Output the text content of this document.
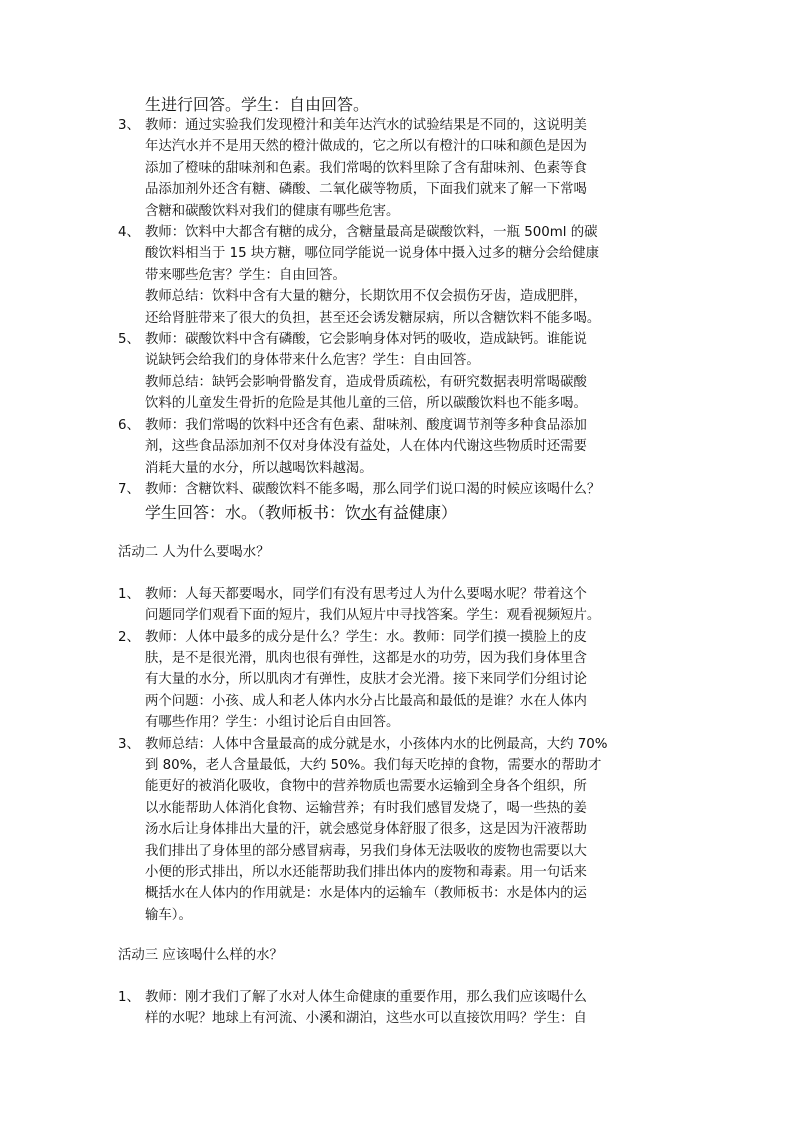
生进行回答。学生：自由回答。
3、 教师：通过实验我们发现橙汁和美年达汽水的试验结果是不同的，这说明美
年达汽水并不是用天然的橙汁做成的，它之所以有橙汁的口味和颜色是因为
添加了橙味的甜味剂和色素。我们常喝的饮料里除了含有甜味剂、色素等食
品添加剂外还含有糖、磷酸、二氧化碳等物质，下面我们就来了解一下常喝
含糖和碳酸饮料对我们的健康有哪些危害。
4、 教师：饮料中大都含有糖的成分，含糖量最高是碳酸饮料，一瓶 500ml 的碳
酸饮料相当于 15 块方糖，哪位同学能说一说身体中摄入过多的糖分会给健康
带来哪些危害？学生：自由回答。
教师总结：饮料中含有大量的糖分，长期饮用不仅会损伤牙齿，造成肥胖，
还给肾脏带来了很大的负担，甚至还会诱发糖尿病，所以含糖饮料不能多喝。
5、 教师：碳酸饮料中含有磷酸，它会影响身体对钙的吸收，造成缺钙。谁能说
说缺钙会给我们的身体带来什么危害？学生：自由回答。
教师总结：缺钙会影响骨骼发育，造成骨质疏松，有研究数据表明常喝碳酸
饮料的儿童发生骨折的危险是其他儿童的三倍，所以碳酸饮料也不能多喝。
6、 教师：我们常喝的饮料中还含有色素、甜味剂、酸度调节剂等多种食品添加
剂，这些食品添加剂不仅对身体没有益处，人在体内代谢这些物质时还需要
消耗大量的水分，所以越喝饮料越渴。
7、 教师：含糖饮料、碳酸饮料不能多喝，那么同学们说口渴的时候应该喝什么？
学生回答：水。（教师板书：饮水有益健康）
活动二 人为什么要喝水？
1、 教师：人每天都要喝水，同学们有没有思考过人为什么要喝水呢？带着这个
问题同学们观看下面的短片，我们从短片中寻找答案。学生：观看视频短片。
2、 教师：人体中最多的成分是什么？学生：水。教师：同学们摸一摸脸上的皮
肤，是不是很光滑，肌肉也很有弹性，这都是水的功劳，因为我们身体里含
有大量的水分，所以肌肉才有弹性，皮肤才会光滑。接下来同学们分组讨论
两个问题：小孩、成人和老人体内水分占比最高和最低的是谁？水在人体内
有哪些作用？学生：小组讨论后自由回答。
3、 教师总结：人体中含量最高的成分就是水，小孩体内水的比例最高，大约 70%
到 80%，老人含量最低，大约 50%。我们每天吃掉的食物，需要水的帮助才
能更好的被消化吸收，食物中的营养物质也需要水运输到全身各个组织，所
以水能帮助人体消化食物、运输营养；有时我们感冒发烧了，喝一些热的姜
汤水后让身体排出大量的汗，就会感觉身体舒服了很多，这是因为汗液帮助
我们排出了身体里的部分感冒病毒，另我们身体无法吸收的废物也需要以大
小便的形式排出，所以水还能帮助我们排出体内的废物和毒素。用一句话来
概括水在人体内的作用就是：水是体内的运输车（教师板书：水是体内的运
输车）。
活动三 应该喝什么样的水？
1、 教师：刚才我们了解了水对人体生命健康的重要作用，那么我们应该喝什么
样的水呢？地球上有河流、小溪和湖泊，这些水可以直接饮用吗？学生：自
